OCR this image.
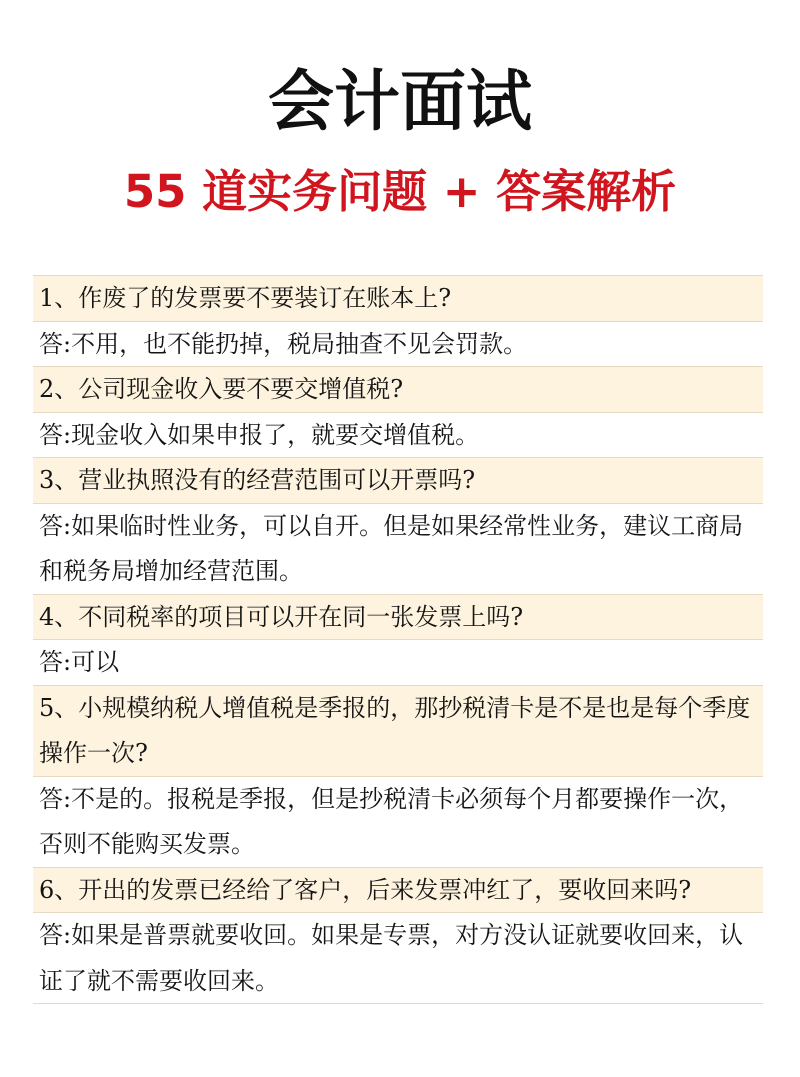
会计面试
55 道实务问题 + 答案解析
1、作废了的发票要不要装订在账本上?
答:不用，也不能扔掉，税局抽查不见会罚款。
2、公司现金收入要不要交增值税?
答:现金收入如果申报了，就要交增值税。
3、营业执照没有的经营范围可以开票吗?
答:如果临时性业务，可以自开。但是如果经常性业务，建议工商局和税务局增加经营范围。
4、不同税率的项目可以开在同一张发票上吗?
答:可以
5、小规模纳税人增值税是季报的，那抄税清卡是不是也是每个季度操作一次?
答:不是的。报税是季报，但是抄税清卡必须每个月都要操作一次，否则不能购买发票。
6、开出的发票已经给了客户，后来发票冲红了，要收回来吗?
答:如果是普票就要收回。如果是专票，对方没认证就要收回来，认证了就不需要收回来。
